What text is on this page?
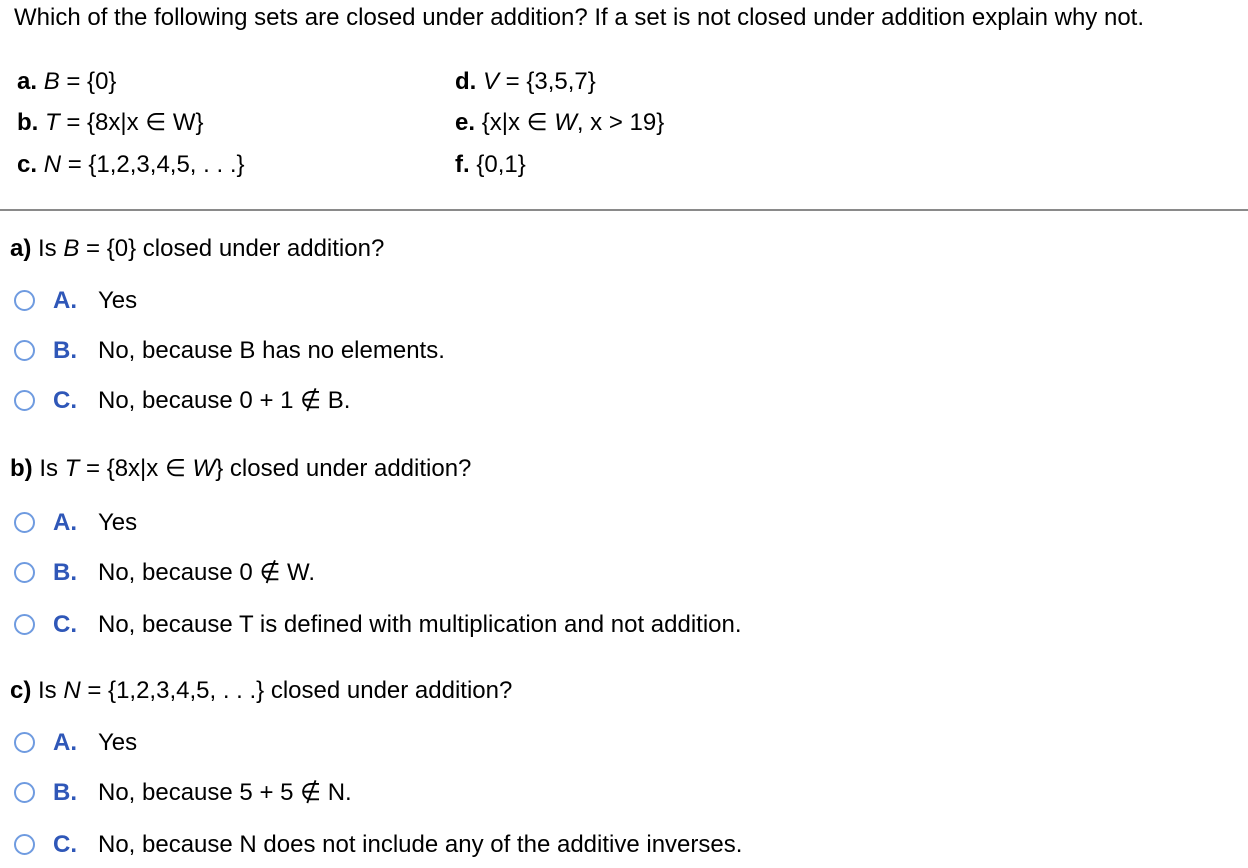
Which of the following sets are closed under addition? If a set is not closed under addition explain why not.
a. B = {0}
b. T = {8x|x ∈ W}
c. N = {1,2,3,4,5, . . .}
d. V = {3,5,7}
e. {x|x ∈ W, x > 19}
f. {0,1}
a) Is B = {0} closed under addition?
A. Yes
B. No, because B has no elements.
C. No, because 0 + 1 ∉ B.
b) Is T = {8x|x ∈ W} closed under addition?
A. Yes
B. No, because 0 ∉ W.
C. No, because T is defined with multiplication and not addition.
c) Is N = {1,2,3,4,5, . . .} closed under addition?
A. Yes
B. No, because 5 + 5 ∉ N.
C. No, because N does not include any of the additive inverses.
